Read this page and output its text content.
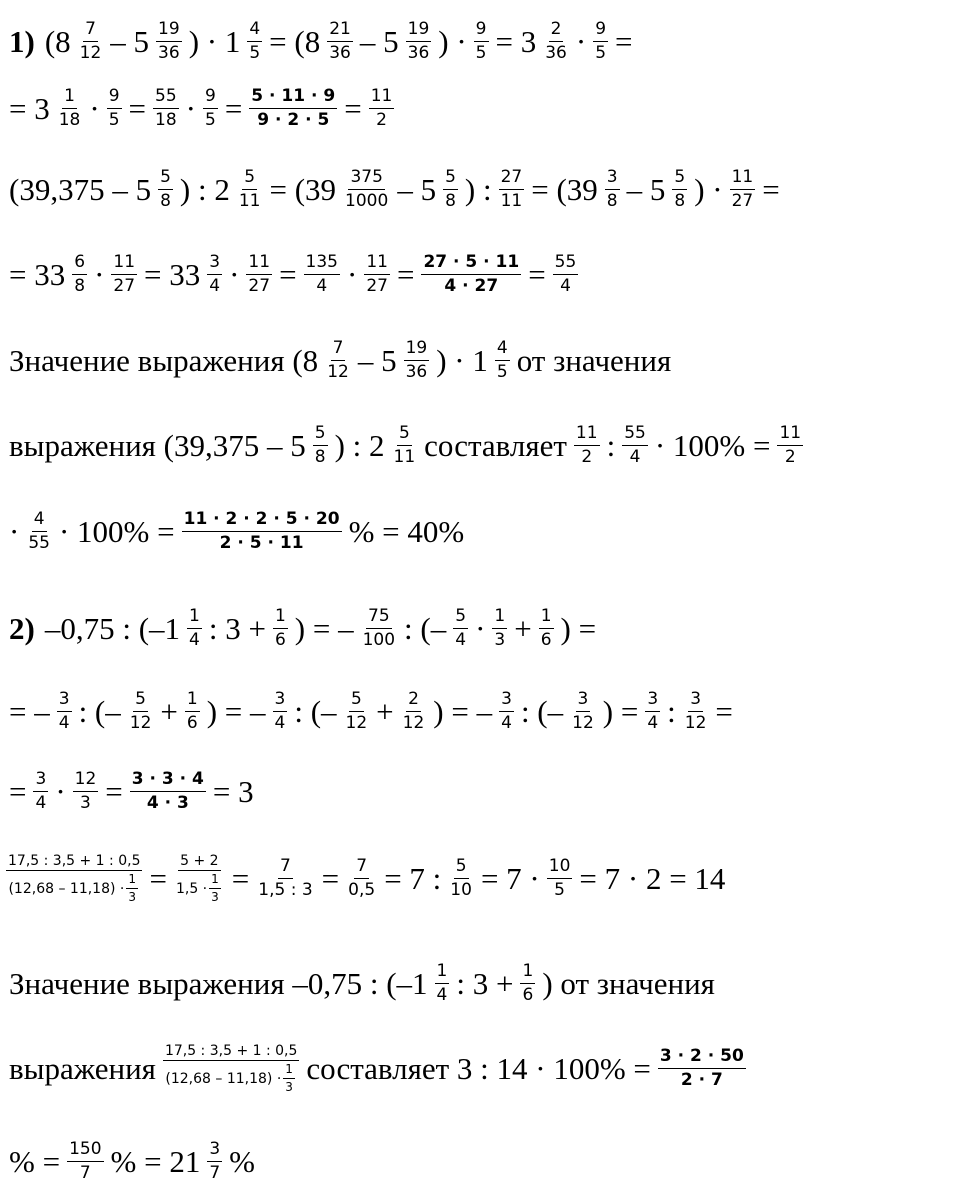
1) (8 7
12 – 5 19
36 ) · $1 \frac{4}{5} = (8$ 21
36 – 5 19
36 ) · $\frac{9}{5} = 3$ 2
$36 \cdot \frac{9}{5}$ =
= 3 1
$18 \cdot \frac{9}{5} = \frac{55}{18} \cdot \frac{9}{5} = \frac{5 \cdot 11 \cdot 9}{9 \cdot 2 \cdot 5} = \frac{11}{2}$
(39,375 – 5 5
8 ) : $2 \frac{5}{11} = (39$ 375
1000 – 5 5
8 ) : $\frac{27}{11} = (39$ 3
8 – 5 5
8 ) · $\frac{11}{27}$ =
= 33 6
$8 \cdot \frac{11}{27} = 33$ 3
$4 \cdot \frac{11}{27} = \frac{135}{4} \cdot \frac{11}{27} = \frac{27 \cdot 5 \cdot 11}{4 \cdot 27} = \frac{55}{4}$
Значение выражения (8 7
12 – 5 19
36 ) · 1 4
5 от значения
выражения (39,375 – 5 5
8 ) : 2 5
11 составляет 11
2 : 55
$4 \cdot 100\% = \frac{11}{2}$
· 4
$55 \cdot 100\% = \frac{11 \cdot 2 \cdot 2 \cdot 5 \cdot 20}{2 \cdot 5 \cdot 11}$ % = 40%
2) –0,75 : (–1 1
4 : $3 + \frac{1}{6}$ ) = – 75
100 : (– 5
4 · 1
$3 + \frac{1}{6}$ ) =
= – 3
4 : (– 5
$12 + \frac{1}{6}$ ) = – 3
4 : (– 5
$12 + \frac{2}{12}$ ) = – 3
4 : (– 3
12 ) = $\frac{3}{4}$ : $\frac{3}{12}$ =
= $\frac{3}{4} \cdot \frac{12}{3} = \frac{3 \cdot 3 \cdot 4}{4 \cdot 3} = 3$
$\frac{17,5 : 3,5 + 1 : 0,5}{(12,68 - 11,18) \cdot \frac{1}{3}} = \frac{5 + 2}{1,5 \cdot \frac{1}{3}} = \frac{7}{1,5 : 3} = \frac{7}{0,5} = 7$ : $\frac{5}{10} = 7 \cdot \frac{10}{5} = 7 \cdot 2 = 14$
Значение выражения –0,75 : (–1 1
4 : $3 + \frac{1}{6}$ ) от значения
выражения
17,5 : 3,5 + 1 : 0,5
$(12,68 - 11,18) \cdot \frac{1}{3}$ составляет 3 : $14 \cdot 100\% = \frac{3 \cdot 2 \cdot 50}{2 \cdot 7}$
% = $\frac{150}{7}$ % = 21 3
7 %
